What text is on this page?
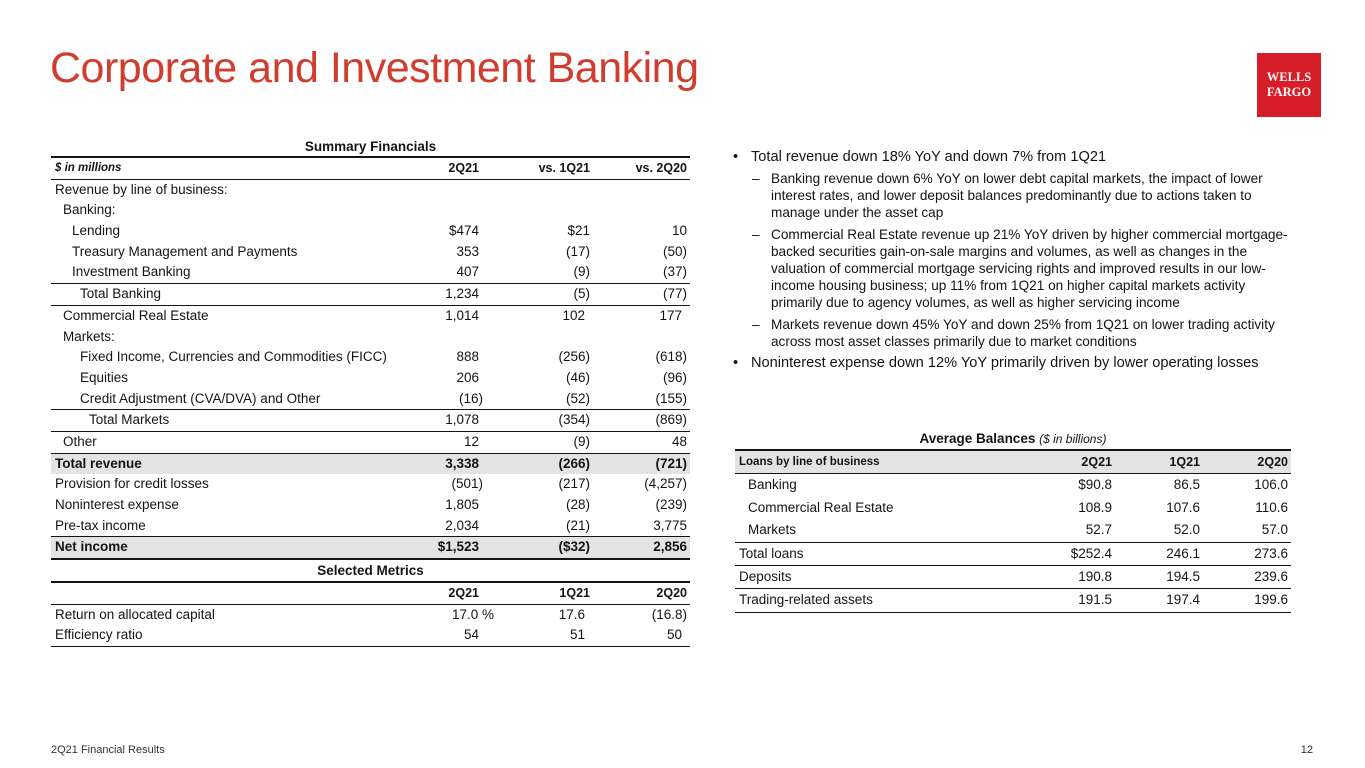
Corporate and Investment Banking	WELLS
FARGO
Summary Financials
$ in millions	2Q21	vs. 1Q21	vs. 2Q20
Revenue by line of business:
Banking:
Lending	$474	$21	10
Treasury Management and Payments	353	(17)	(50)
Investment Banking	407	(9)	(37)
Total Banking	1,234	(5)	(77)
Commercial Real Estate	1,014	102	177
Markets:
Fixed Income, Currencies and Commodities (FICC)	888	(256)	(618)
Equities	206	(46)	(96)
Credit Adjustment (CVA/DVA) and Other	(16)	(52)	(155)
Total Markets	1,078	(354)	(869)
Other	12	(9)	48
Total revenue	3,338	(266)	(721)
Provision for credit losses	(501)	(217)	(4,257)
Noninterest expense	1,805	(28)	(239)
Pre-tax income	2,034	(21)	3,775
Net income	$1,523	($32)	2,856
Selected Metrics
2Q21	1Q21	2Q20
Return on allocated capital	17.0 %	17.6	(16.8)
Efficiency ratio	54	51	50
• Total revenue down 18% YoY and down 7% from 1Q21
– Banking revenue down 6% YoY on lower debt capital markets, the impact of lower interest rates, and lower deposit balances predominantly due to actions taken to manage under the asset cap
– Commercial Real Estate revenue up 21% YoY driven by higher commercial mortgage-backed securities gain-on-sale margins and volumes, as well as changes in the valuation of commercial mortgage servicing rights and improved results in our low-income housing business; up 11% from 1Q21 on higher capital markets activity primarily due to agency volumes, as well as higher servicing income
– Markets revenue down 45% YoY and down 25% from 1Q21 on lower trading activity across most asset classes primarily due to market conditions
• Noninterest expense down 12% YoY primarily driven by lower operating losses
Average Balances ($ in billions)
Loans by line of business	2Q21	1Q21	2Q20
Banking	$90.8	86.5	106.0
Commercial Real Estate	108.9	107.6	110.6
Markets	52.7	52.0	57.0
Total loans	$252.4	246.1	273.6
Deposits	190.8	194.5	239.6
Trading-related assets	191.5	197.4	199.6
2Q21 Financial Results	12
